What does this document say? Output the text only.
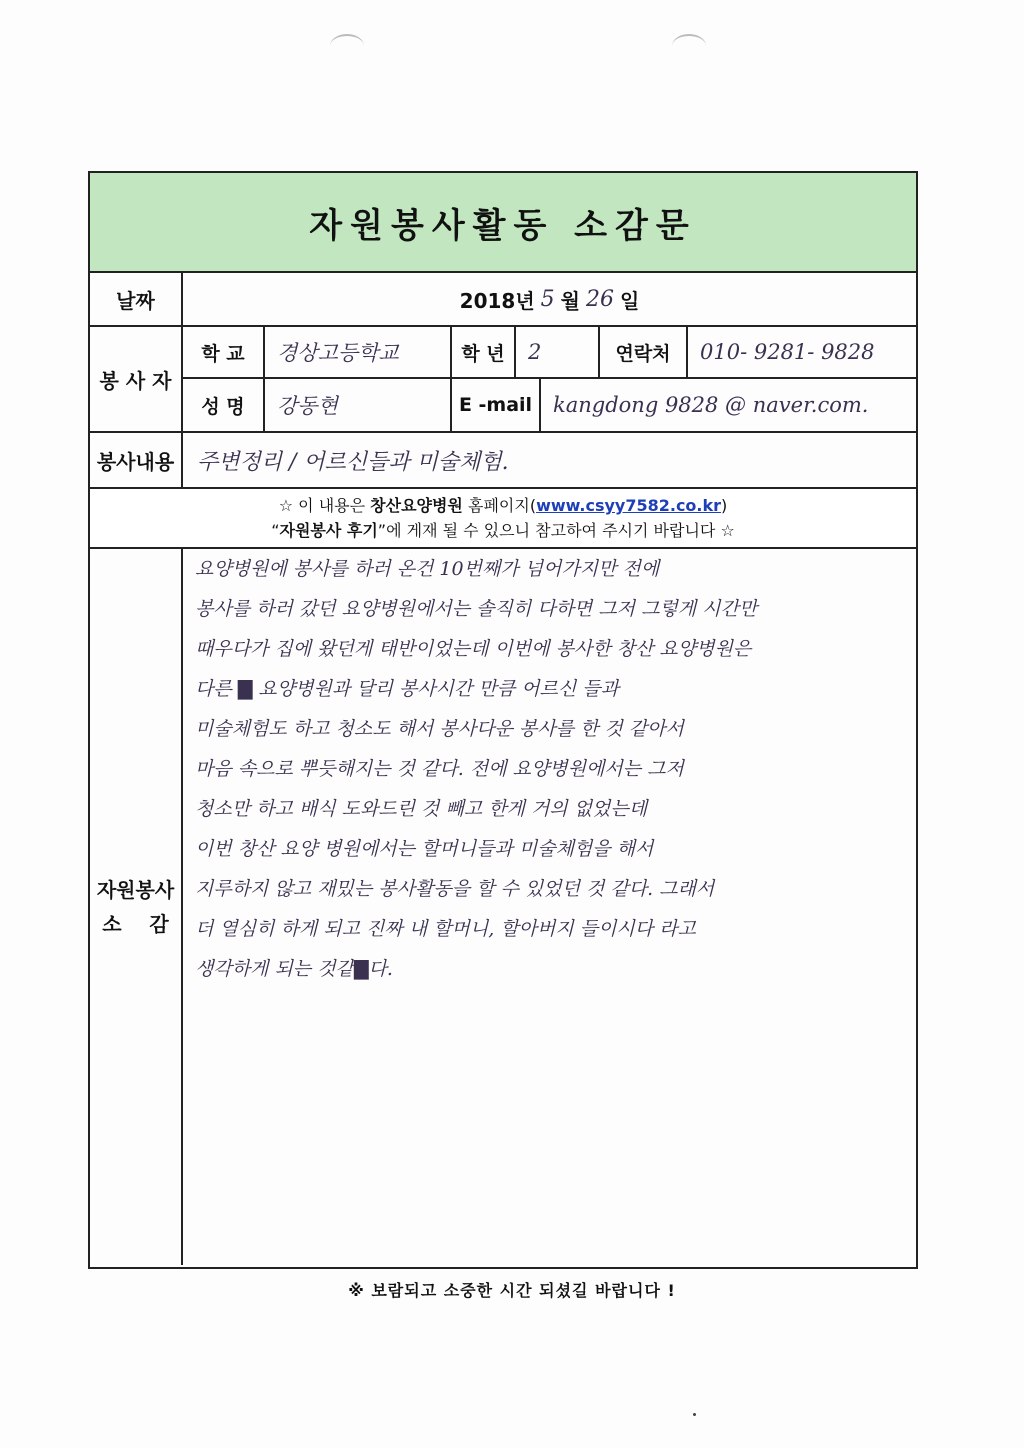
자원봉사활동 소감문
날짜	2018년 5 월 26 일
봉 사 자
학 교	경상고등학교	학 년	2	연락처	010- 9281- 9828
성 명	강동현	E -mail kangdong 9828 @ naver.com.
봉사내용	주변정리 / 어르신들과 미술체험.
☆ 이 내용은 창산요양병원 홈페이지(www.csyy7582.co.kr)
“자원봉사 후기”에 게재 될 수 있으니 참고하여 주시기 바랍니다 ☆
자원봉사
소    감
요양병원에 봉사를 하러 온건 10번째가 넘어가지만 전에
봉사를 하러 갔던 요양병원에서는 솔직히 다하면 그저 그렇게 시간만
때우다가 집에 왔던게 태반이었는데 이번에 봉사한 창산 요양병원은
다른 ▇ 요양병원과 달리 봉사시간 만큼 어르신 들과
미술체험도 하고 청소도 해서 봉사다운 봉사를 한 것 같아서
마음 속으로 뿌듯해지는 것 같다. 전에 요양병원에서는 그저
청소만 하고 배식 도와드린 것 빼고 한게 거의 없었는데
이번 창산 요양 병원에서는 할머니들과 미술체험을 해서
지루하지 않고 재밌는 봉사활동을 할 수 있었던 것 같다. 그래서
더 열심히 하게 되고 진짜 내 할머니, 할아버지 들이시다 라고
생각하게 되는 것같▇다.
※ 보람되고 소중한 시간 되셨길 바랍니다 !
